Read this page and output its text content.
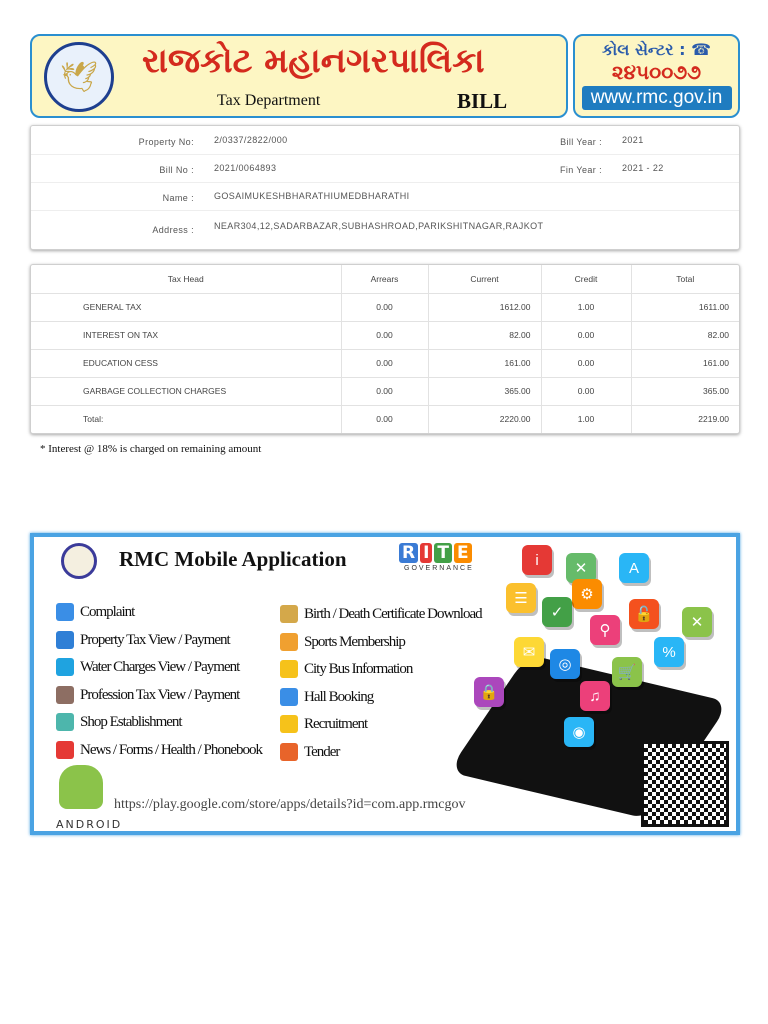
🕊	રાજકોટ મહાનગરપાલિકા
Tax Department	BILL
કોલ સેન્ટર : ☎
૨૪૫૦૦૭૭
www.rmc.gov.in
Property No: 2/0337/2822/000	Bill Year : 2021
Bill No : 2021/0064893	Fin Year : 2021 - 22
Name : GOSAIMUKESHBHARATHIUMEDBHARATHI
Address : NEAR304,12,SADARBAZAR,SUBHASHROAD,PARIKSHITNAGAR,RAJKOT
Tax Head	Arrears	Current	Credit	Total
GENERAL TAX	0.00	1612.00	1.00	1611.00
INTEREST ON TAX	0.00	82.00	0.00	82.00
EDUCATION CESS	0.00	161.00	0.00	161.00
GARBAGE COLLECTION CHARGES	0.00	365.00	0.00	365.00
Total:	0.00	2220.00	1.00	2219.00
* Interest @ 18% is charged on remaining amount
RMC Mobile Application	R I T E
GOVERNANCE	i	✕	A
⚙
☰
✓	🔓	✕
⚲
✉
◎
%
🔒
🛒
♫
◉
Complaint
Property Tax View / Payment
Water Charges View / Payment
Profession Tax View / Payment
Shop Establishment
News / Forms / Health / Phonebook
Birth / Death Certificate Download
Sports Membership
City Bus Information
Hall Booking
Recruitment
Tender
ANDROID
https://play.google.com/store/apps/details?id=com.app.rmcgov
